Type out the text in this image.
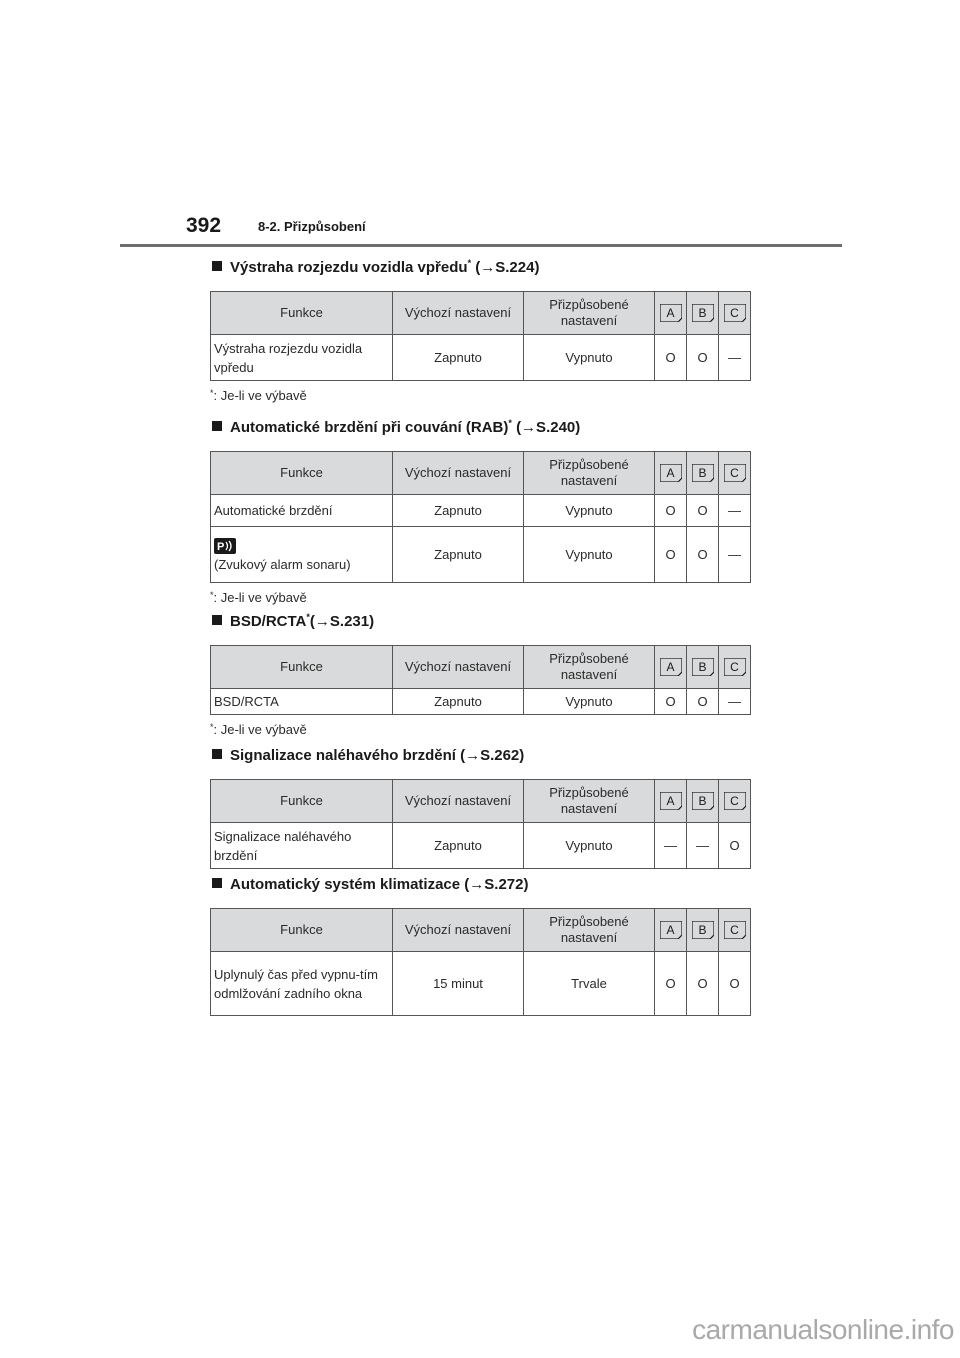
392	8-2. Přizpůsobení
Výstraha rozjezdu vozidla vpředu* (→S.224)
Funkce	Výchozí nastavení	Přizpůsobené nastavení	A	B	C

Výstraha rozjezdu vozidla vpředu	Zapnuto	Vypnuto	O	O	—
*: Je-li ve výbavě
Automatické brzdění při couvání (RAB)* (→S.240)
Funkce	Výchozí nastavení	Přizpůsobené nastavení	A	B	C

Automatické brzdění	Zapnuto	Vypnuto	O	O	—

P

(Zvukový alarm sonaru)	Zapnuto	Vypnuto	O	O	—
*: Je-li ve výbavě
BSD/RCTA*(→S.231)
Funkce	Výchozí nastavení	Přizpůsobené nastavení	A	B	C

BSD/RCTA	Zapnuto	Vypnuto	O	O	—
*: Je-li ve výbavě
Signalizace naléhavého brzdění (→S.262)
Funkce	Výchozí nastavení	Přizpůsobené nastavení	A	B	C

Signalizace naléhavého brzdění	Zapnuto	Vypnuto	—	—	O
Automatický systém klimatizace (→S.272)
Funkce	Výchozí nastavení	Přizpůsobené nastavení	A	B	C

Uplynulý čas před vypnu-tím odmlžování zadního okna	15 minut	Trvale	O	O	O
carmanualsonline.info
